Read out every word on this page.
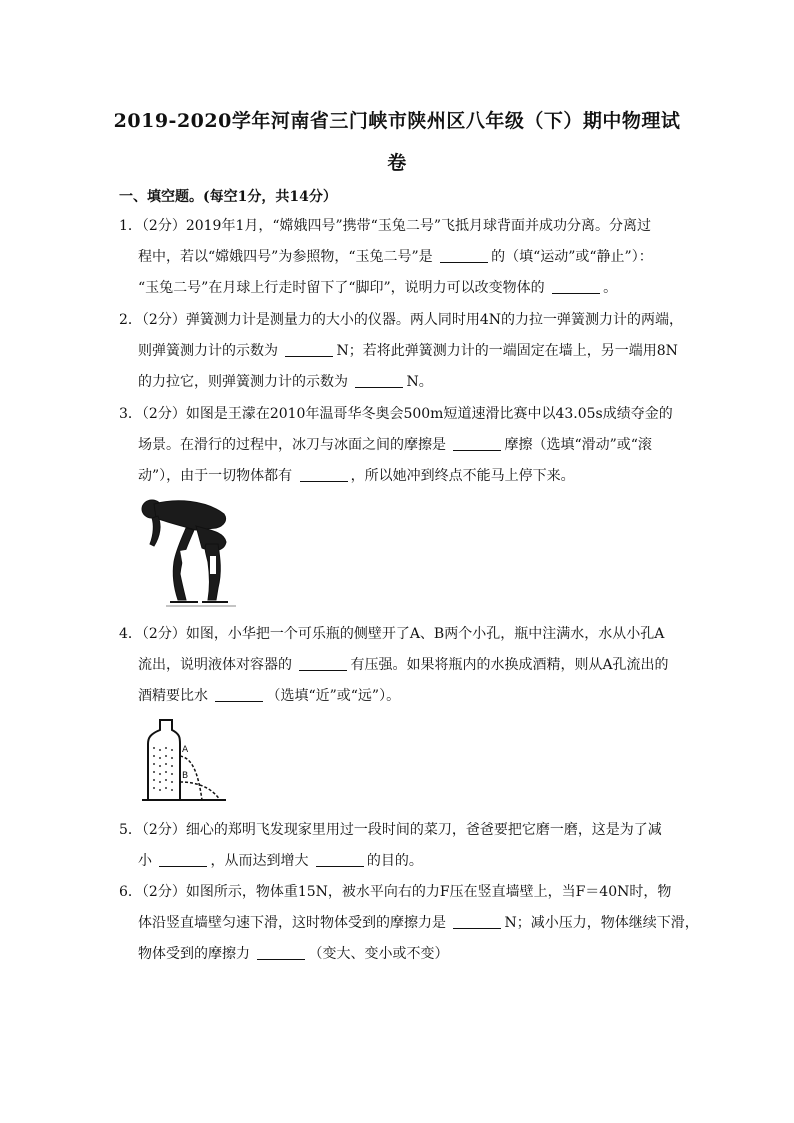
2019-2020学年河南省三门峡市陕州区八年级（下）期中物理试
卷
一、填空题。(每空1分，共14分）
1．（2分）2019年1月，“嫦娥四号”携带“玉兔二号”飞抵月球背面并成功分离。分离过
程中，若以“嫦娥四号”为参照物，“玉兔二号”是	的（填“运动”或“静止”）：
“玉兔二号”在月球上行走时留下了“脚印”，说明力可以改变物体的	。
2．（2分）弹簧测力计是测量力的大小的仪器。两人同时用4N的力拉一弹簧测力计的两端，
则弹簧测力计的示数为	N；若将此弹簧测力计的一端固定在墙上，另一端用8N
的力拉它，则弹簧测力计的示数为	N。
3．（2分）如图是王濛在2010年温哥华冬奥会500m短道速滑比赛中以43.05s成绩夺金的
场景。在滑行的过程中，冰刀与冰面之间的摩擦是	摩擦（选填“滑动”或“滚
动”），由于一切物体都有	，所以她冲到终点不能马上停下来。
4．（2分）如图，小华把一个可乐瓶的侧壁开了A、B两个小孔，瓶中注满水，水从小孔A
流出，说明液体对容器的	有压强。如果将瓶内的水换成酒精，则从A孔流出的
酒精要比水	（选填“近”或“远”）。
A
B
5．（2分）细心的郑明飞发现家里用过一段时间的菜刀，爸爸要把它磨一磨，这是为了减
小	，从而达到增大	的目的。
6．（2分）如图所示，物体重15N，被水平向右的力F压在竖直墙壁上，当F＝40N时，物
体沿竖直墙壁匀速下滑，这时物体受到的摩擦力是	N；减小压力，物体继续下滑，
物体受到的摩擦力	（变大、变小或不变）
